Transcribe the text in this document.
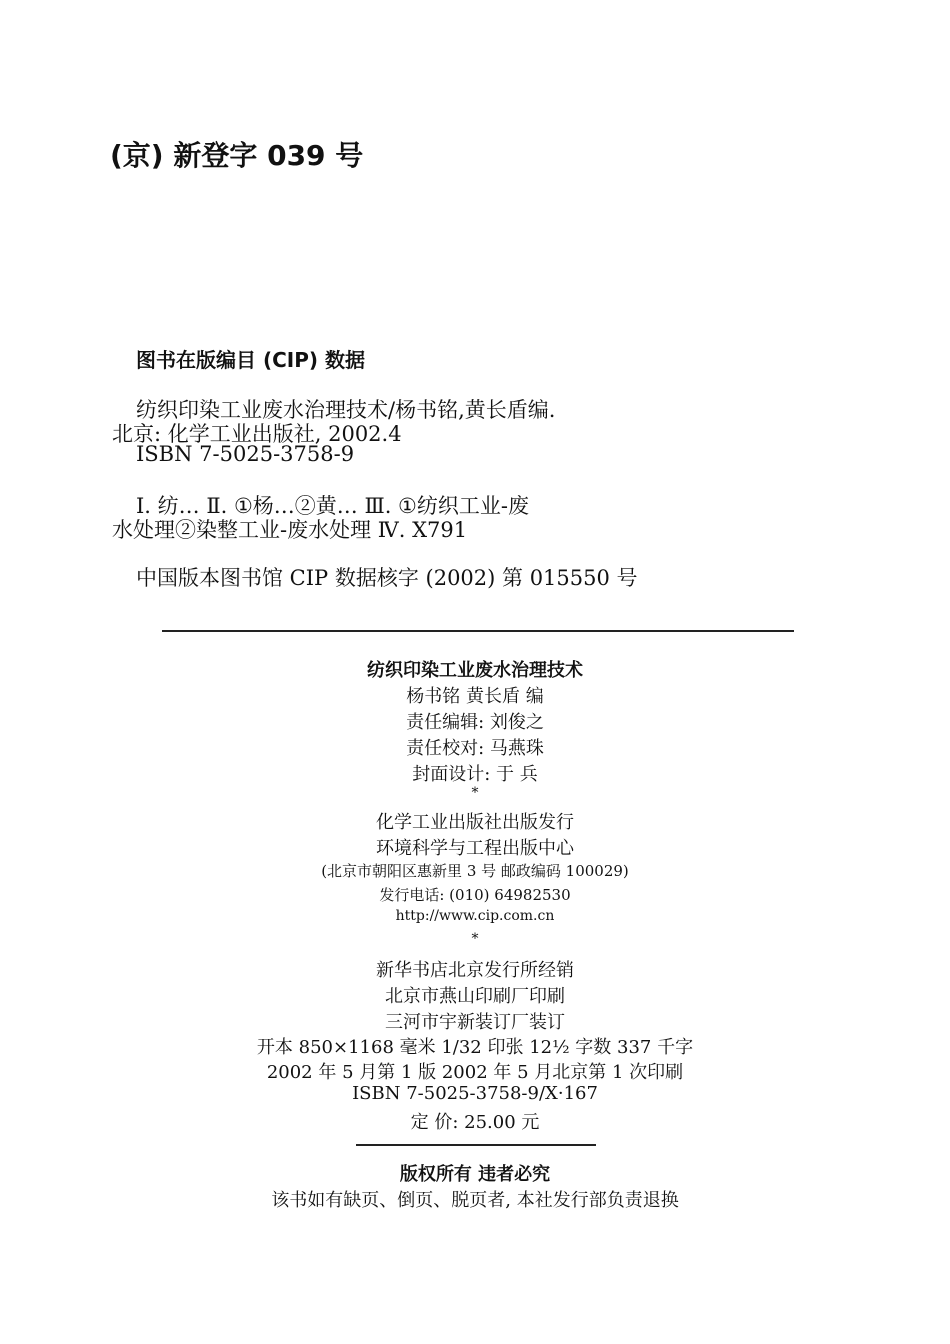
(京) 新登字 039 号
图书在版编目 (CIP) 数据
纺织印染工业废水治理技术/杨书铭,黄长盾编.
北京: 化学工业出版社, 2002.4
ISBN 7-5025-3758-9
Ⅰ. 纺… Ⅱ. ①杨…②黄… Ⅲ. ①纺织工业-废
水处理②染整工业-废水处理 Ⅳ. X791
中国版本图书馆 CIP 数据核字 (2002) 第 015550 号
纺织印染工业废水治理技术
杨书铭 黄长盾 编
责任编辑: 刘俊之
责任校对: 马燕珠
封面设计: 于 兵
*
化学工业出版社出版发行
环境科学与工程出版中心
(北京市朝阳区惠新里 3 号 邮政编码 100029)
发行电话: (010) 64982530
http://www.cip.com.cn
*
新华书店北京发行所经销
北京市燕山印刷厂印刷
三河市宇新装订厂装订
开本 850×1168 毫米 1/32 印张 12½ 字数 337 千字
2002 年 5 月第 1 版 2002 年 5 月北京第 1 次印刷
ISBN 7-5025-3758-9/X·167
定 价: 25.00 元
版权所有 违者必究
该书如有缺页、倒页、脱页者, 本社发行部负责退换
